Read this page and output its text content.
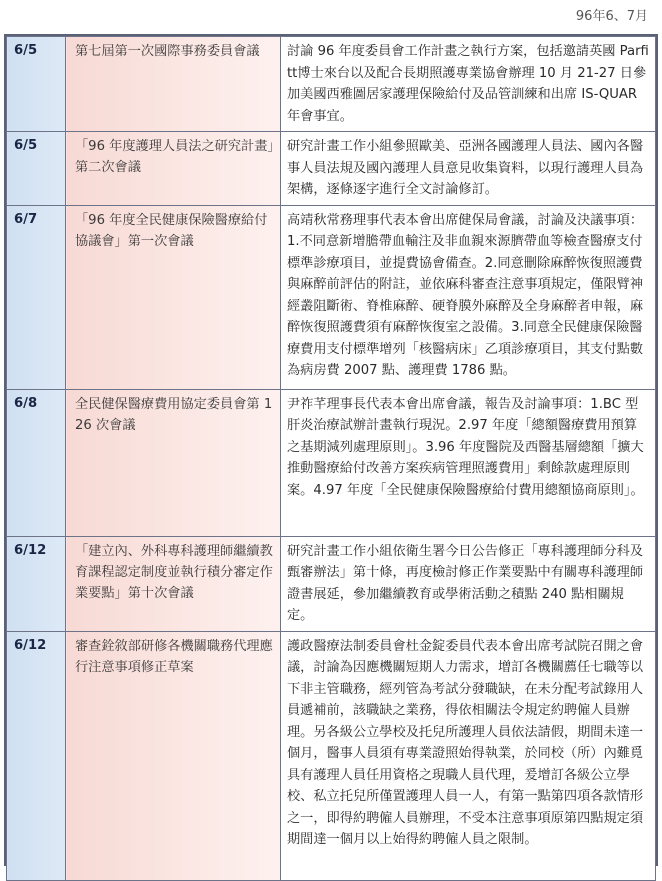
96年6、7月
6/5	第七屆第一次國際事務委員會議	討論 96 年度委員會工作計畫之執行方案，包括邀請英國 Parfitt博士來台以及配合長期照護專業協會辦理 10 月 21-27 日參加美國西雅圖居家護理保險給付及品管訓練和出席 IS-QUAR 年會事宜。
6/5	「96 年度護理人員法之研究計畫」第二次會議	研究計畫工作小組參照歐美、亞洲各國護理人員法、國內各醫事人員法規及國內護理人員意見收集資料，以現行護理人員為架構，逐條逐字進行全文討論修訂。
6/7	「96 年度全民健康保險醫療給付協議會」第一次會議	高靖秋常務理事代表本會出席健保局會議，討論及決議事項：1.不同意新增膽帶血輸注及非血親來源臍帶血等檢查醫療支付標準診療項目，並提費協會備查。2.同意刪除麻醉恢復照護費與麻醉前評估的附註，並依麻科審查注意事項規定，僅限臂神經叢阻斷術、脊椎麻醉、硬脊膜外麻醉及全身麻醉者申報，麻醉恢復照護費須有麻醉恢復室之設備。3.同意全民健康保險醫療費用支付標準增列「核醫病床」乙項診療項目，其支付點數為病房費 2007 點、護理費 1786 點。
6/8	全民健保醫療費用協定委員會第 126 次會議	尹祚芊理事長代表本會出席會議，報告及討論事項：1.BC 型肝炎治療試辦計畫執行現況。2.97 年度「總額醫療費用預算之基期減列處理原則」。3.96 年度醫院及西醫基層總額「擴大推動醫療給付改善方案疾病管理照護費用」剩餘款處理原則案。4.97 年度「全民健康保險醫療給付費用總額協商原則」。
6/12	「建立內、外科專科護理師繼續教育課程認定制度並執行積分審定作業要點」第十次會議	研究計畫工作小組依衛生署今日公告修正「專科護理師分科及甄審辦法」第十條，再度檢討修正作業要點中有關專科護理師證書展延，參加繼續教育或學術活動之積點 240 點相關規定。
6/12	審查銓敘部研修各機關職務代理應行注意事項修正草案	護政醫療法制委員會杜金錠委員代表本會出席考試院召開之會議，討論為因應機關短期人力需求，增訂各機關薦任七職等以下非主管職務，經列管為考試分發職缺，在未分配考試錄用人員遞補前，該職缺之業務，得依相關法令規定約聘僱人員辦理。另各級公立學校及托兒所護理人員依法請假，期間未達一個月，醫事人員須有專業證照始得執業，於同校（所）內難覓具有護理人員任用資格之現職人員代理，爰增訂各級公立學校、私立托兒所僅置護理人員一人，有第一點第四項各款情形之一，即得約聘僱人員辦理，不受本注意事項原第四點規定須期間達一個月以上始得約聘僱人員之限制。
